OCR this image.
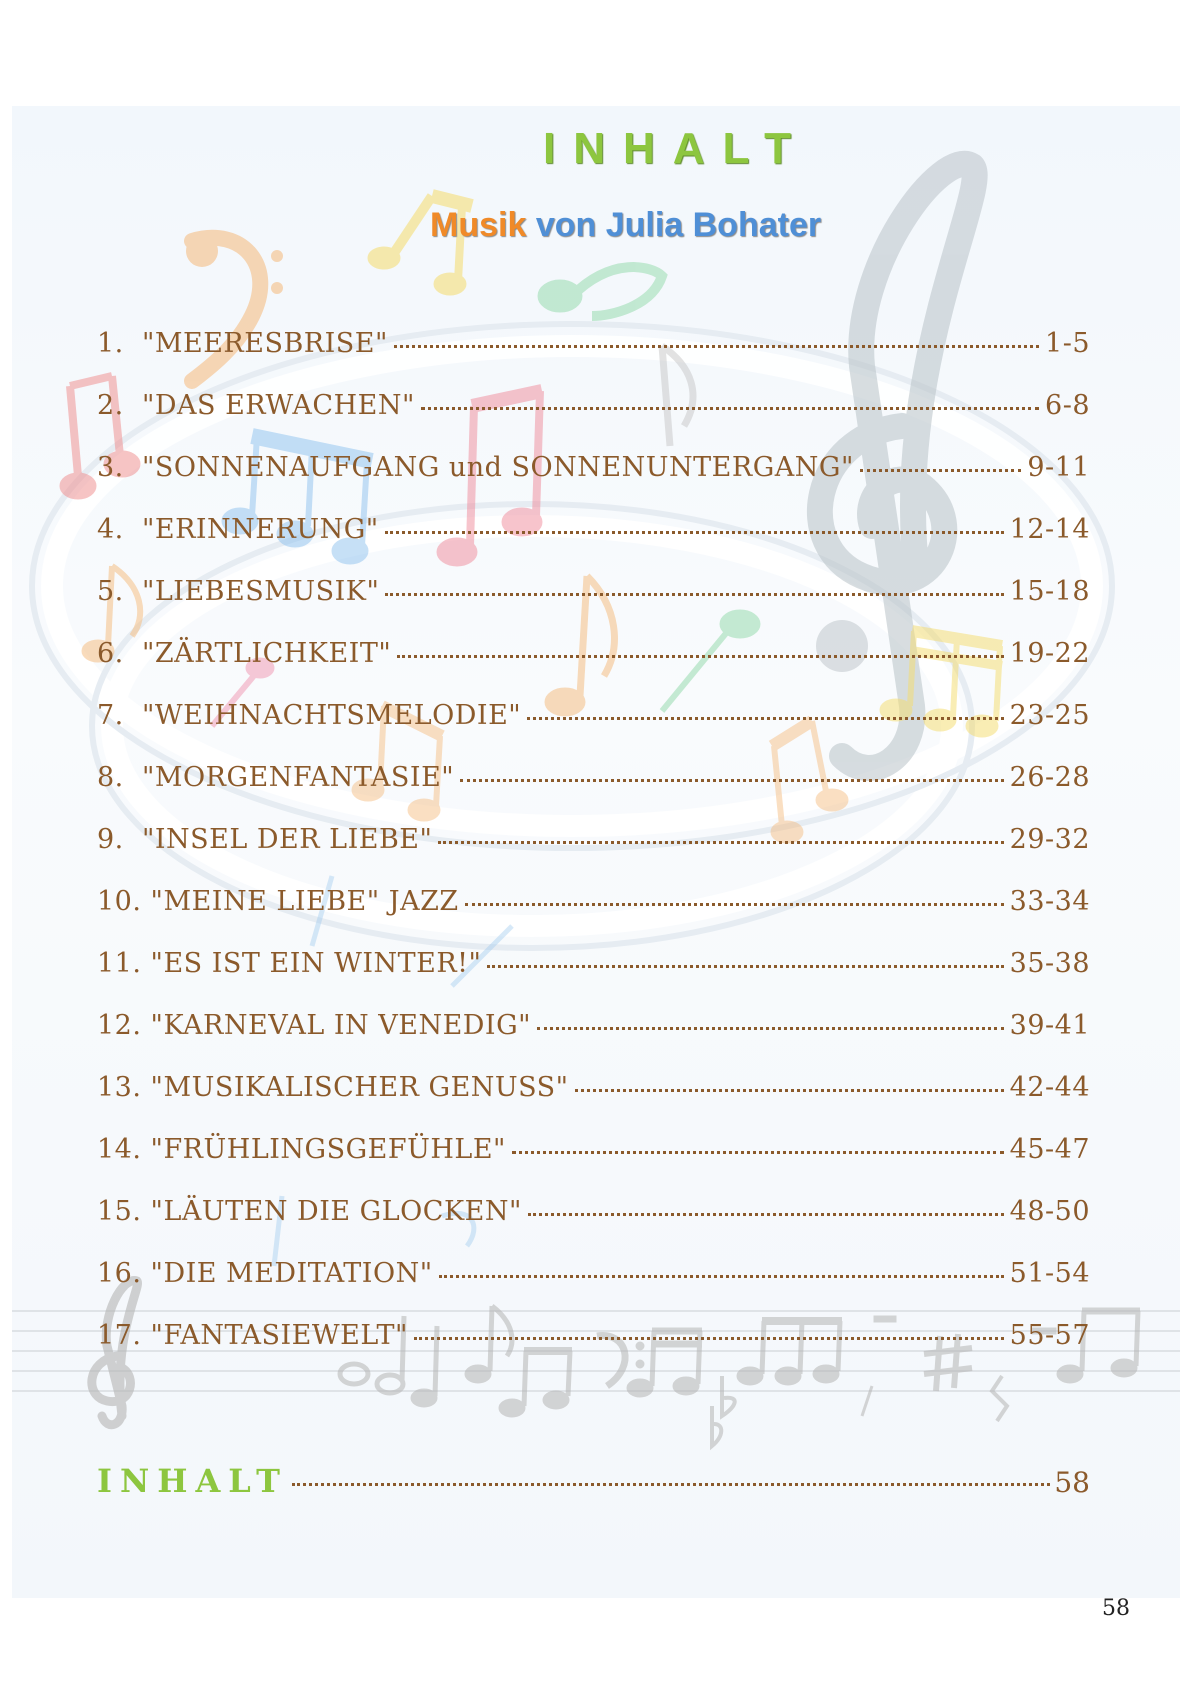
INHALT
Musik von Julia Bohater
1. "MEERESBRISE"	1-5
2. "DAS ERWACHEN"	6-8
3. "SONNENAUFGANG und SONNENUNTERGANG"	9-11
4. "ERINNERUNG"	12-14
5. "LIEBESMUSIK"	15-18
6. "ZÄRTLICHKEIT"	19-22
7. "WEIHNACHTSMELODIE"	23-25
8. "MORGENFANTASIE"	26-28
9. "INSEL DER LIEBE"	29-32
10. "MEINE LIEBE" JAZZ	33-34
11. "ES IST EIN WINTER!"	35-38
12. "KARNEVAL IN VENEDIG"	39-41
13. "MUSIKALISCHER GENUSS"	42-44
14. "FRÜHLINGSGEFÜHLE"	45-47
15. "LÄUTEN DIE GLOCKEN"	48-50
16. "DIE MEDITATION"	51-54
17. "FANTASIEWELT"	55-57
INHALT	58
58
